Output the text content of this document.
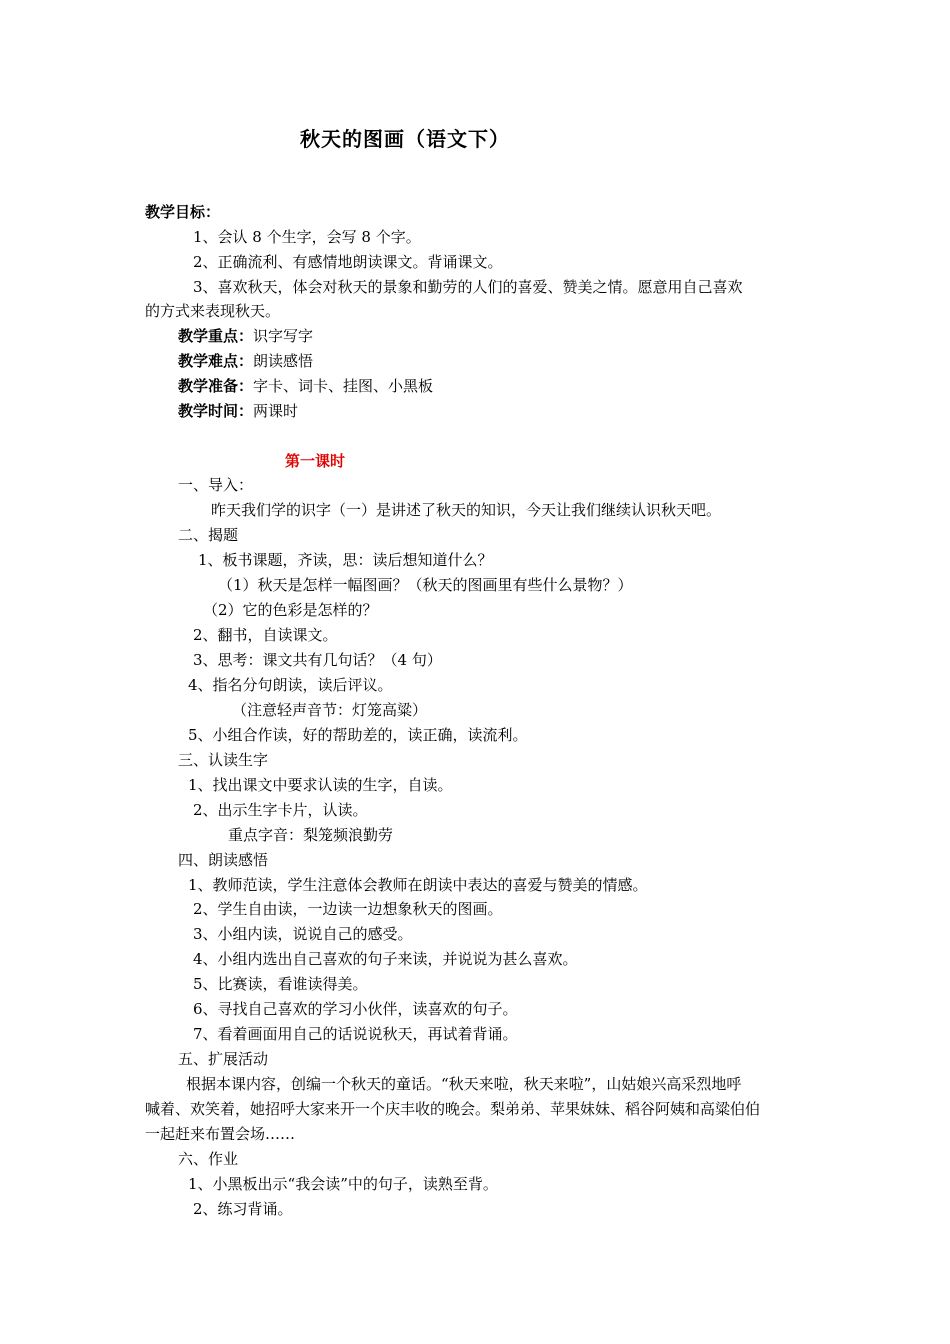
秋天的图画（语文下）
教学目标：
1、会认 8 个生字，会写 8 个字。
2、正确流利、有感情地朗读课文。背诵课文。
3、喜欢秋天，体会对秋天的景象和勤劳的人们的喜爱、赞美之情。愿意用自己喜欢
的方式来表现秋天。
教学重点：识字写字
教学难点：朗读感悟
教学准备：字卡、词卡、挂图、小黑板
教学时间：两课时
第一课时
一、导入：
昨天我们学的识字（一）是讲述了秋天的知识，今天让我们继续认识秋天吧。
二、揭题
1、板书课题，齐读，思：读后想知道什么？
（1）秋天是怎样一幅图画？（秋天的图画里有些什么景物？）
（2）它的色彩是怎样的？
2、翻书，自读课文。
3、思考：课文共有几句话？（4 句）
4、指名分句朗读，读后评议。
（注意轻声音节：灯笼高粱）
5、小组合作读，好的帮助差的，读正确，读流利。
三、认读生字
1、找出课文中要求认读的生字，自读。
2、出示生字卡片，认读。
重点字音：梨笼频浪勤劳
四、朗读感悟
1、教师范读，学生注意体会教师在朗读中表达的喜爱与赞美的情感。
2、学生自由读，一边读一边想象秋天的图画。
3、小组内读，说说自己的感受。
4、小组内选出自己喜欢的句子来读，并说说为甚么喜欢。
5、比赛读，看谁读得美。
6、寻找自己喜欢的学习小伙伴，读喜欢的句子。
7、看着画面用自己的话说说秋天，再试着背诵。
五、扩展活动
根据本课内容，创编一个秋天的童话。“秋天来啦，秋天来啦”，山姑娘兴高采烈地呼
喊着、欢笑着，她招呼大家来开一个庆丰收的晚会。梨弟弟、苹果妹妹、稻谷阿姨和高粱伯伯
一起赶来布置会场……
六、作业
1、小黑板出示“我会读”中的句子，读熟至背。
2、练习背诵。
